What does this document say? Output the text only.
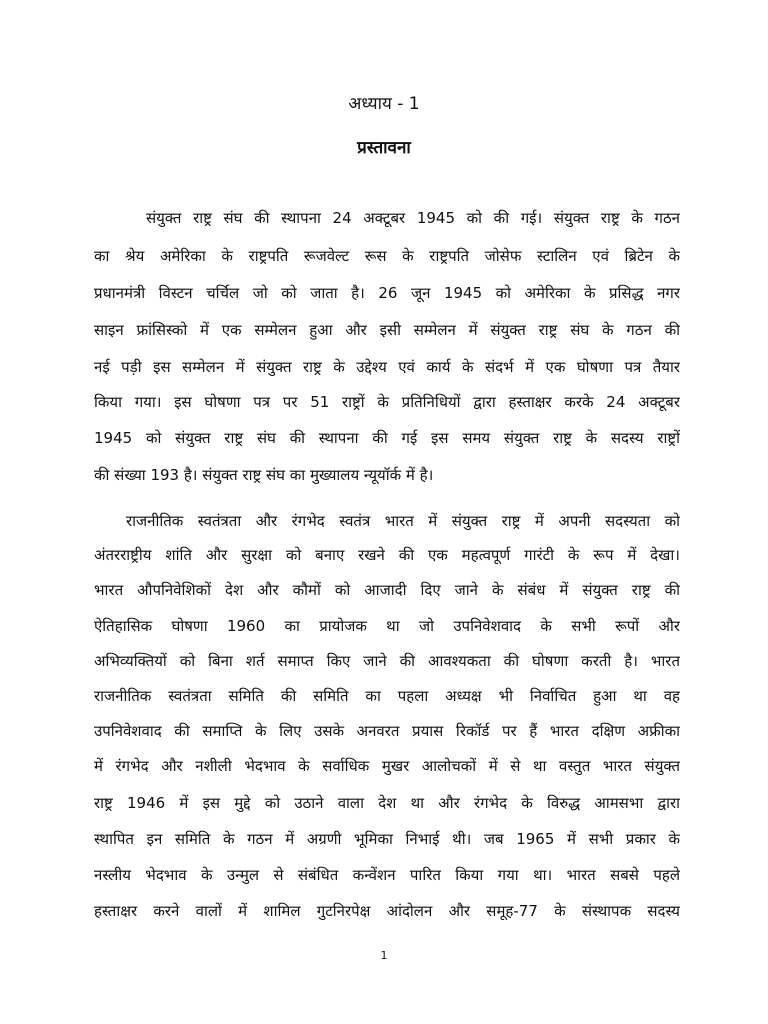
अध्याय - 1
प्रस्तावना
संयुक्त राष्ट्र संघ की स्थापना 24 अक्टूबर 1945 को की गई। संयुक्त राष्ट्र के गठन
का श्रेय अमेरिका के राष्ट्रपति रूजवेल्ट रूस के राष्ट्रपति जोसेफ स्टालिन एवं ब्रिटेन के
प्रधानमंत्री विस्टन चर्चिल जो को जाता है। 26 जून 1945 को अमेरिका के प्रसिद्ध नगर
साइन फ्रांसिस्को में एक सम्मेलन हुआ और इसी सम्मेलन में संयुक्त राष्ट्र संघ के गठन की
नई पड़ी इस सम्मेलन में संयुक्त राष्ट्र के उद्देश्य एवं कार्य के संदर्भ में एक घोषणा पत्र तैयार
किया गया। इस घोषणा पत्र पर 51 राष्ट्रों के प्रतिनिधियों द्वारा हस्ताक्षर करके 24 अक्टूबर
1945 को संयुक्त राष्ट्र संघ की स्थापना की गई इस समय संयुक्त राष्ट्र के सदस्य राष्ट्रों
की संख्या 193 है। संयुक्त राष्ट्र संघ का मुख्यालय न्यूयॉर्क में है।
राजनीतिक स्वतंत्रता और रंगभेद स्वतंत्र भारत में संयुक्त राष्ट्र में अपनी सदस्यता को
अंतरराष्ट्रीय शांति और सुरक्षा को बनाए रखने की एक महत्वपूर्ण गारंटी के रूप में देखा।
भारत औपनिवेशिकों देश और कौमों को आजादी दिए जाने के संबंध में संयुक्त राष्ट्र की
ऐतिहासिक घोषणा 1960 का प्रायोजक था जो उपनिवेशवाद के सभी रूपों और
अभिव्यक्तियों को बिना शर्त समाप्त किए जाने की आवश्यकता की घोषणा करती है। भारत
राजनीतिक स्वतंत्रता समिति की समिति का पहला अध्यक्ष भी निर्वाचित हुआ था वह
उपनिवेशवाद की समाप्ति के लिए उसके अनवरत प्रयास रिकॉर्ड पर हैं भारत दक्षिण अफ्रीका
में रंगभेद और नशीली भेदभाव के सर्वाधिक मुखर आलोचकों में से था वस्तुत भारत संयुक्त
राष्ट्र 1946 में इस मुद्दे को उठाने वाला देश था और रंगभेद के विरुद्ध आमसभा द्वारा
स्थापित इन समिति के गठन में अग्रणी भूमिका निभाई थी। जब 1965 में सभी प्रकार के
नस्लीय भेदभाव के उन्मुल से संबंधित कन्वेंशन पारित किया गया था। भारत सबसे पहले
हस्ताक्षर करने वालों में शामिल गुटनिरपेक्ष आंदोलन और समूह-77 के संस्थापक सदस्य
1
